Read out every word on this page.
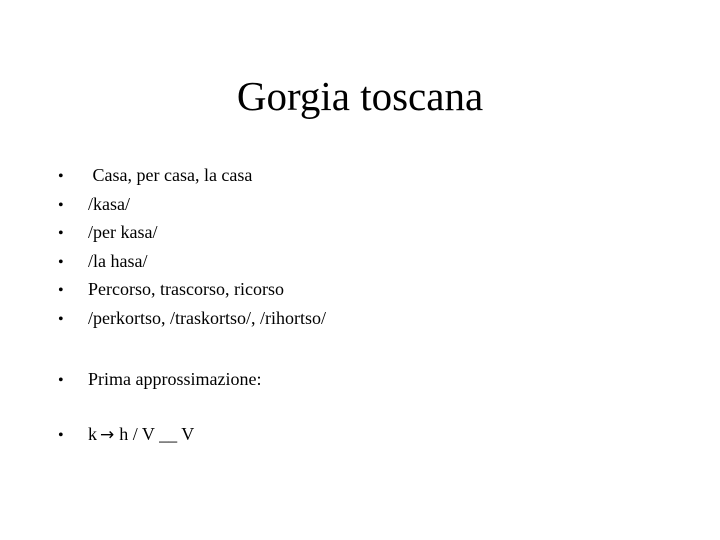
Gorgia toscana
•	Casa, per casa, la casa
•	/kasa/
•	/per kasa/
•	/la hasa/
•	Percorso, trascorso, ricorso
•	/perkortso, /traskortso/, /rihortso/
•	Prima approssimazione:
•	k → h / V __ V
